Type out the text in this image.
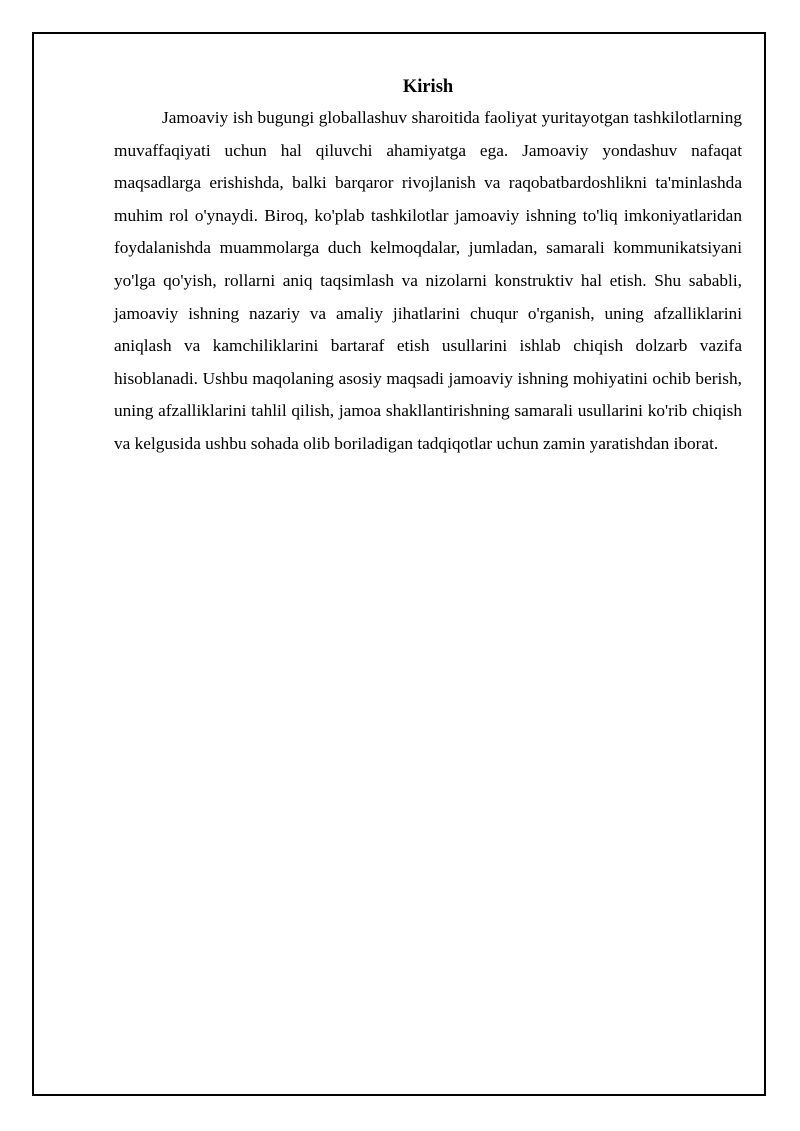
Kirish

Jamoaviy ish bugungi globallashuv sharoitida faoliyat yuritayotgan tashkilotlarning muvaffaqiyati uchun hal qiluvchi ahamiyatga ega. Jamoaviy yondashuv nafaqat maqsadlarga erishishda, balki barqaror rivojlanish va raqobatbardoshlikni ta'minlashda muhim rol o'ynaydi. Biroq, ko'plab tashkilotlar jamoaviy ishning to'liq imkoniyatlaridan foydalanishda muammolarga duch kelmoqdalar, jumladan, samarali kommunikatsiyani yo'lga qo'yish, rollarni aniq taqsimlash va nizolarni konstruktiv hal etish. Shu sababli, jamoaviy ishning nazariy va amaliy jihatlarini chuqur o'rganish, uning afzalliklarini aniqlash va kamchiliklarini bartaraf etish usullarini ishlab chiqish dolzarb vazifa hisoblanadi. Ushbu maqolaning asosiy maqsadi jamoaviy ishning mohiyatini ochib berish, uning afzalliklarini tahlil qilish, jamoa shakllantirishning samarali usullarini ko'rib chiqish va kelgusida ushbu sohada olib boriladigan tadqiqotlar uchun zamin yaratishdan iborat.
